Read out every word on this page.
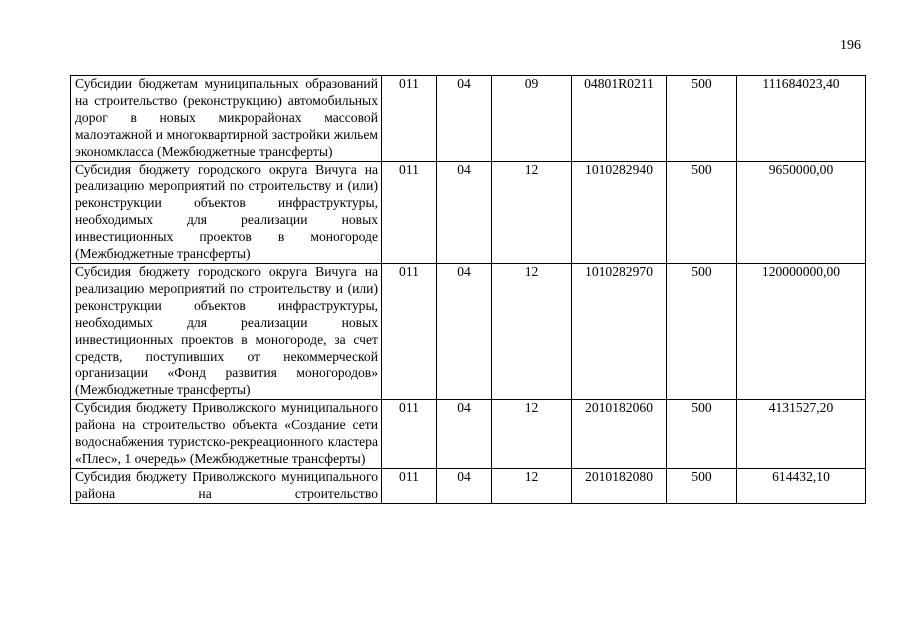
196
Субсидии бюджетам муниципальных образований на строительство (реконструкцию) автомобильных дорог в новых микрорайонах массовой малоэтажной и многоквартирной застройки жильем экономкласса (Межбюджетные трансферты)	011	04	09	04801R0211	500	111684023,40
Субсидия бюджету городского округа Вичуга на реализацию мероприятий по строительству и (или) реконструкции объектов инфраструктуры, необходимых для реализации новых инвестиционных проектов в моногороде (Межбюджетные трансферты)	011	04	12	1010282940	500	9650000,00
Субсидия бюджету городского округа Вичуга на реализацию мероприятий по строительству и (или) реконструкции объектов инфраструктуры, необходимых для реализации новых инвестиционных проектов в моногороде, за счет средств, поступивших от некоммерческой организации «Фонд развития моногородов» (Межбюджетные трансферты)	011	04	12	1010282970	500	120000000,00
Субсидия бюджету Приволжского муниципального района на строительство объекта «Создание сети водоснабжения туристско-рекреационного кластера «Плес», 1 очередь» (Межбюджетные трансферты)	011	04	12	2010182060	500	4131527,20
Субсидия бюджету Приволжского муниципального района на строительство	011	04	12	2010182080	500	614432,10
